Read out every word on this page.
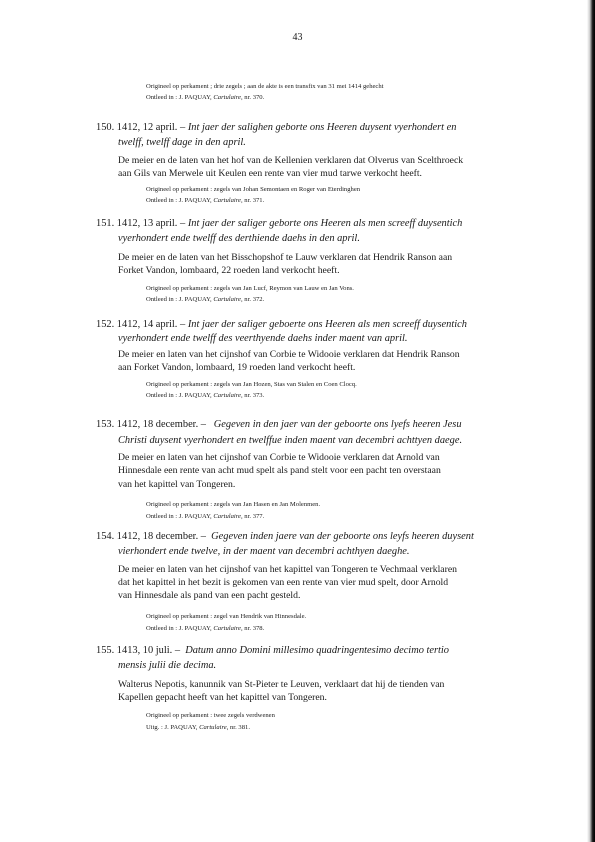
43
Origineel op perkament ; drie zegels ; aan de akte is een transfix van 31 mei 1414 gehecht
Ontleed in : J. PAQUAY, Cartulaire, nr. 370.
150. 1412, 12 april. – Int jaer der salighen geborte ons Heeren duysent vyerhondert en
twelff, twelff dage in den april.
De meier en de laten van het hof van de Kellenien verklaren dat Olverus van Scelthroeck
aan Gils van Merwele uit Keulen een rente van vier mud tarwe verkocht heeft.
Origineel op perkament : zegels van Johan Semontaen en Roger van Eterdinghen
Ontleed in : J. PAQUAY, Cartulaire, nr. 371.
151. 1412, 13 april. – Int jaer der saliger geborte ons Heeren als men screeff duysentich
vyerhondert ende twelff des derthiende daehs in den april.
De meier en de laten van het Bisschopshof te Lauw verklaren dat Hendrik Ranson aan
Forket Vandon, lombaard, 22 roeden land verkocht heeft.
Origineel op perkament : zegels van Jan Lucf, Reymon van Lauw en Jan Vons.
Ontleed in : J. PAQUAY, Cartulaire, nr. 372.
152. 1412, 14 april. – Int jaer der saliger geboerte ons Heeren als men screeff duysentich
vyerhondert ende twelff des veerthyende daehs inder maent van april.
De meier en laten van het cijnshof van Corbie te Widooie verklaren dat Hendrik Ranson
aan Forket Vandon, lombaard, 19 roeden land verkocht heeft.
Origineel op perkament : zegels van Jan Hozen, Stas van Stalen en Coen Clocq.
Ontleed in : J. PAQUAY, Cartulaire, nr. 373.
153. 1412, 18 december. – Gegeven in den jaer van der geboorte ons lyefs heeren Jesu
Christi duysent vyerhondert en twelffue inden maent van decembri achttyen daege.
De meier en laten van het cijnshof van Corbie te Widooie verklaren dat Arnold van
Hinnesdale een rente van acht mud spelt als pand stelt voor een pacht ten overstaan
van het kapittel van Tongeren.
Origineel op perkament : zegels van Jan Hasen en Jan Molenmen.
Ontleed in : J. PAQUAY, Cartulaire, nr. 377.
154. 1412, 18 december. – Gegeven inden jaere van der geboorte ons leyfs heeren duysent
vierhondert ende twelve, in der maent van decembri achthyen daeghe.
De meier en laten van het cijnshof van het kapittel van Tongeren te Vechmaal verklaren
dat het kapittel in het bezit is gekomen van een rente van vier mud spelt, door Arnold
van Hinnesdale als pand van een pacht gesteld.
Origineel op perkament : zegel van Hendrik van Hinnesdale.
Ontleed in : J. PAQUAY, Cartulaire, nr. 378.
155. 1413, 10 juli. – Datum anno Domini millesimo quadringentesimo decimo tertio
mensis julii die decima.
Walterus Nepotis, kanunnik van St-Pieter te Leuven, verklaart dat hij de tienden van
Kapellen gepacht heeft van het kapittel van Tongeren.
Origineel op perkament : twee zegels verdwenen
Uitg. : J. PAQUAY, Cartulaire, nr. 381.
